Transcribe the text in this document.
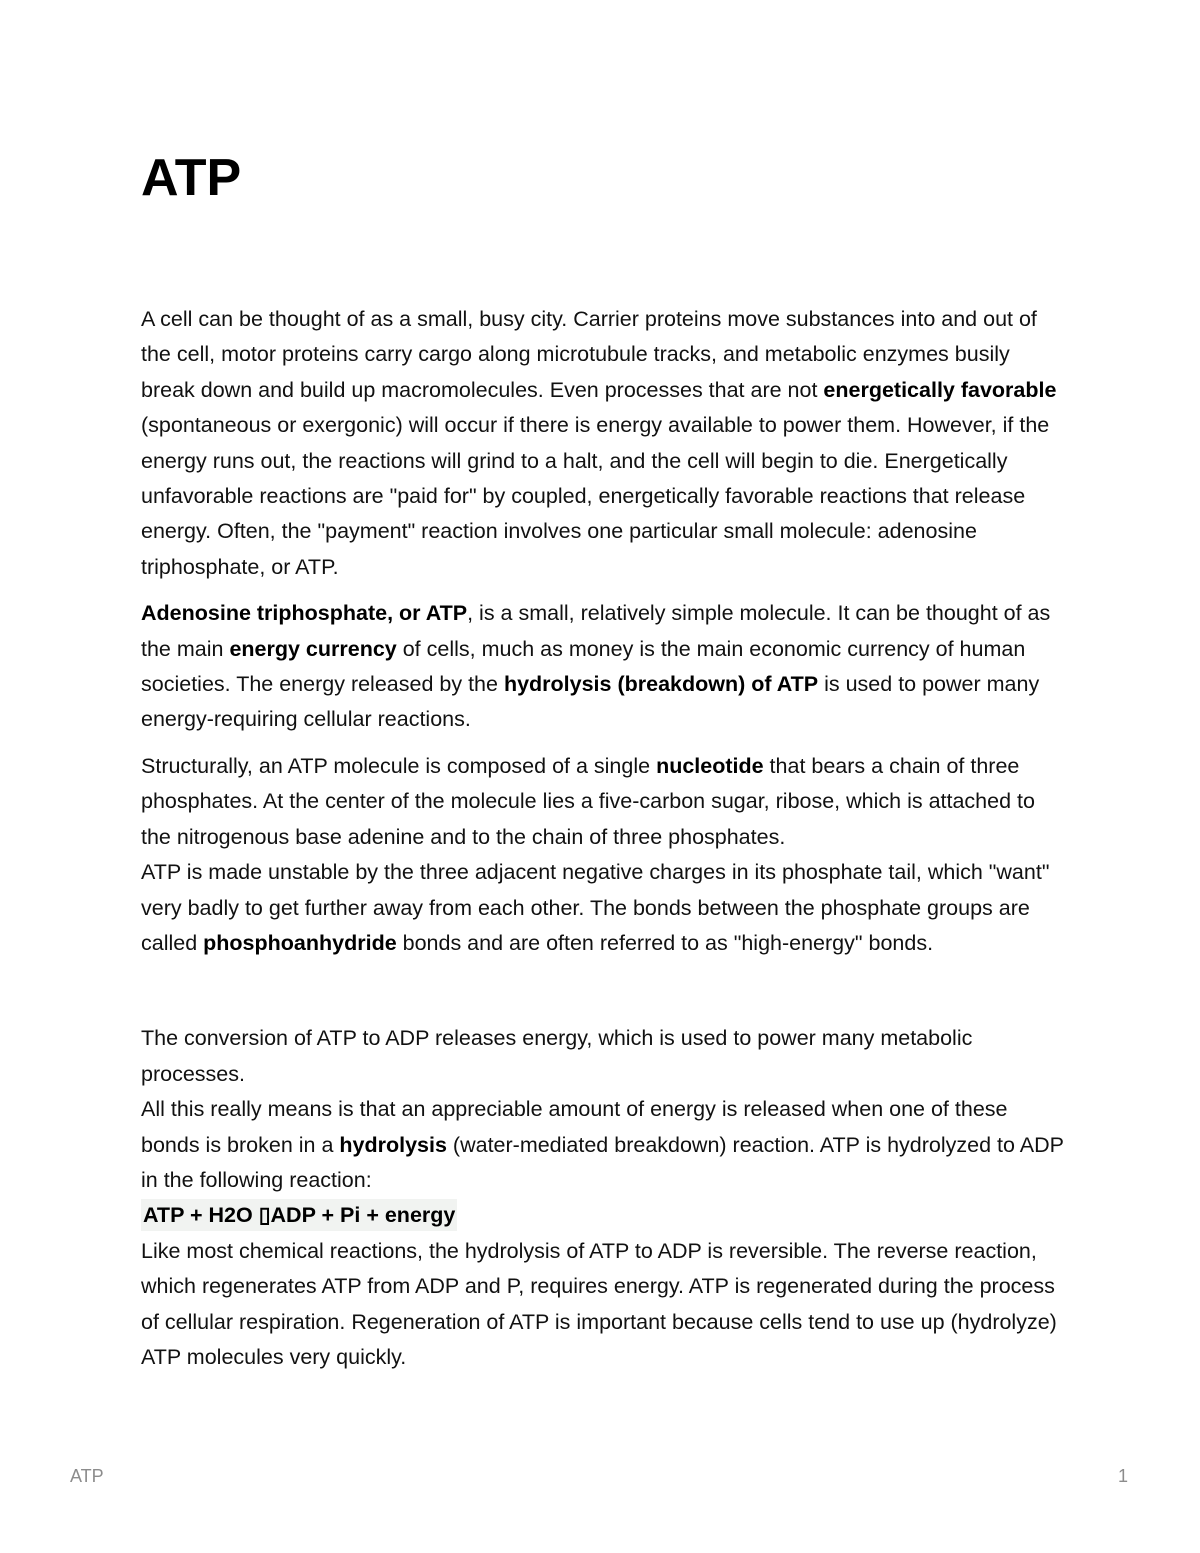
ATP

A cell can be thought of as a small, busy city. Carrier proteins move substances into and out of the cell, motor proteins carry cargo along microtubule tracks, and metabolic enzymes busily break down and build up macromolecules. Even processes that are not energetically favorable (spontaneous or exergonic) will occur if there is energy available to power them. However, if the energy runs out, the reactions will grind to a halt, and the cell will begin to die. Energetically unfavorable reactions are "paid for" by coupled, energetically favorable reactions that release energy. Often, the "payment" reaction involves one particular small molecule: adenosine triphosphate, or ATP.

Adenosine triphosphate, or ATP, is a small, relatively simple molecule. It can be thought of as the main energy currency of cells, much as money is the main economic currency of human societies. The energy released by the hydrolysis (breakdown) of ATP is used to power many energy-requiring cellular reactions.

Structurally, an ATP molecule is composed of a single nucleotide that bears a chain of three phosphates. At the center of the molecule lies a five-carbon sugar, ribose, which is attached to the nitrogenous base adenine and to the chain of three phosphates.

ATP is made unstable by the three adjacent negative charges in its phosphate tail, which "want" very badly to get further away from each other. The bonds between the phosphate groups are called phosphoanhydride bonds and are often referred to as "high-energy" bonds.

The conversion of ATP to ADP releases energy, which is used to power many metabolic processes.

All this really means is that an appreciable amount of energy is released when one of these bonds is broken in a hydrolysis (water-mediated breakdown) reaction. ATP is hydrolyzed to ADP in the following reaction:

ATP + H2O ▯ADP + Pi + energy

Like most chemical reactions, the hydrolysis of ATP to ADP is reversible. The reverse reaction, which regenerates ATP from ADP and P, requires energy. ATP is regenerated during the process of cellular respiration. Regeneration of ATP is important because cells tend to use up (hydrolyze) ATP molecules very quickly.

ATP	1
